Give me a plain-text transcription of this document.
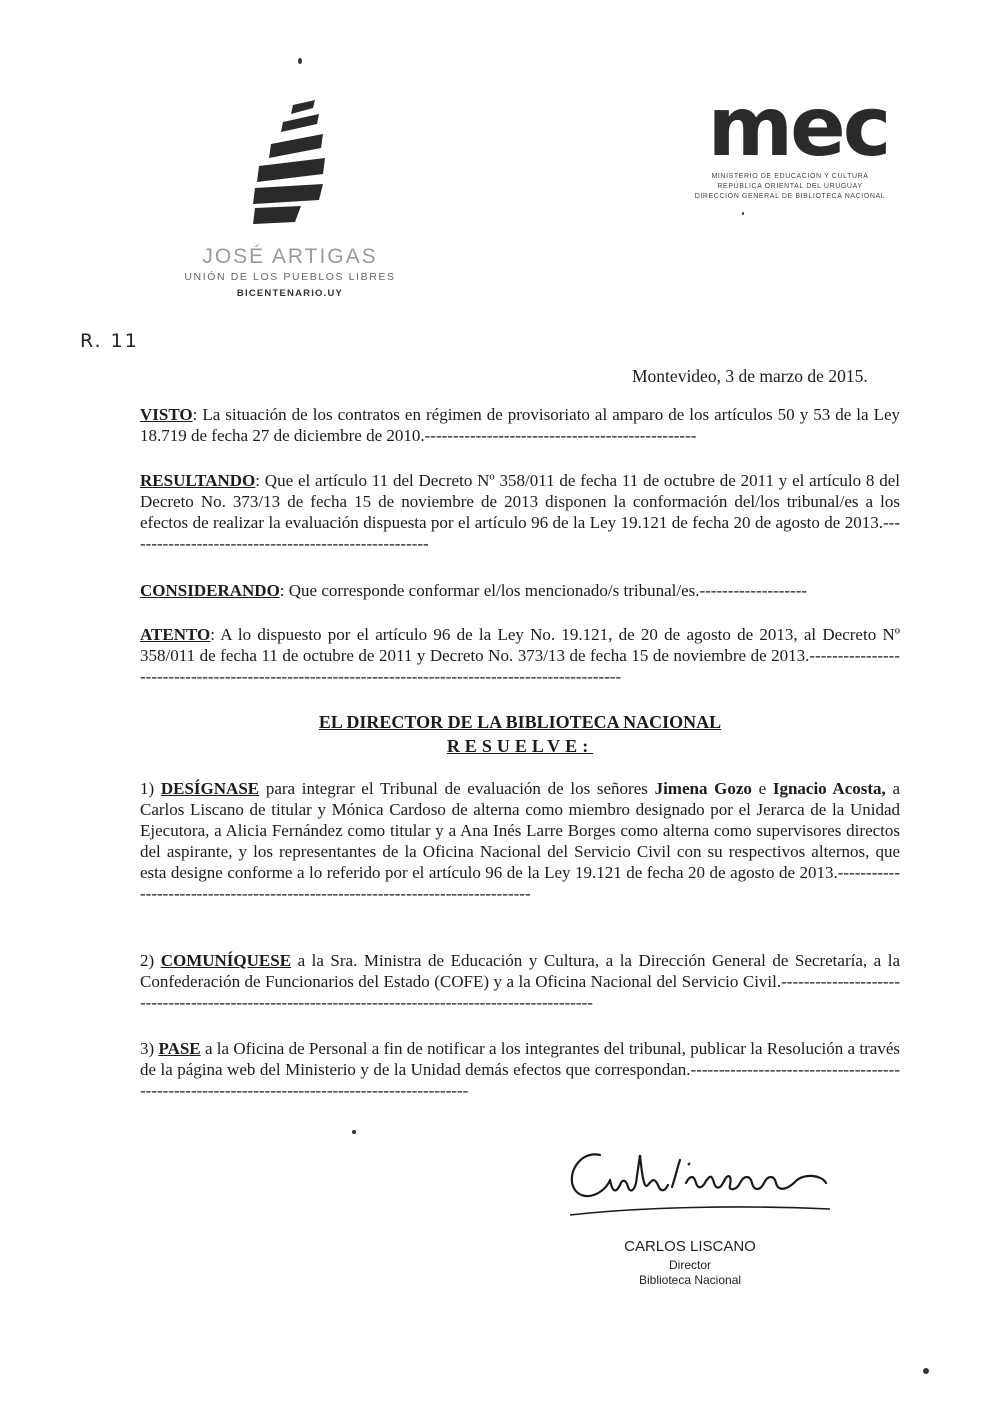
JOSÉ ARTIGAS
UNIÓN DE LOS PUEBLOS LIBRES
BICENTENARIO.UY
mec
MINISTERIO DE EDUCACIÓN Y CULTURA
REPÚBLICA ORIENTAL DEL URUGUAY
DIRECCIÓN GENERAL DE BIBLIOTECA NACIONAL
R. 11
Montevideo, 3 de marzo de 2015.
VISTO: La situación de los contratos en régimen de provisoriato al amparo de los artículos 50 y 53 de la Ley 18.719 de fecha 27 de diciembre de 2010.------------------------------------------------
RESULTANDO: Que el artículo 11 del Decreto Nº 358/011 de fecha 11 de octubre de 2011 y el artículo 8 del Decreto No. 373/13 de fecha 15 de noviembre de 2013 disponen la conformación del/los tribunal/es a los efectos de realizar la evaluación dispuesta por el artículo 96 de la Ley 19.121 de fecha 20 de agosto de 2013.------------------------------------------------------
CONSIDERANDO: Que corresponde conformar el/los mencionado/s tribunal/es.-------------------
ATENTO: A lo dispuesto por el artículo 96 de la Ley No. 19.121, de 20 de agosto de 2013, al Decreto Nº 358/011 de fecha 11 de octubre de 2011 y Decreto No. 373/13 de fecha 15 de noviembre de 2013.-----------------------------------------------------------------------------------------------------
EL DIRECTOR DE LA BIBLIOTECA NACIONAL
RESUELVE:
1) DESÍGNASE para integrar el Tribunal de evaluación de los señores Jimena Gozo e Ignacio Acosta, a Carlos Liscano de titular y Mónica Cardoso de alterna como miembro designado por el Jerarca de la Unidad Ejecutora, a Alicia Fernández como titular y a Ana Inés Larre Borges como alterna como supervisores directos del aspirante, y los representantes de la Oficina Nacional del Servicio Civil con su respectivos alternos, que esta designe conforme a lo referido por el artículo 96 de la Ley 19.121 de fecha 20 de agosto de 2013.--------------------------------------------------------------------------------
2) COMUNÍQUESE a la Sra. Ministra de Educación y Cultura, a la Dirección General de Secretaría, a la Confederación de Funcionarios del Estado (COFE) y a la Oficina Nacional del Servicio Civil.-----------------------------------------------------------------------------------------------------
3) PASE a la Oficina de Personal a fin de notificar a los integrantes del tribunal, publicar la Resolución a través de la página web del Ministerio y de la Unidad demás efectos que correspondan.-----------------------------------------------------------------------------------------------
CARLOS LISCANO
Director
Biblioteca Nacional
